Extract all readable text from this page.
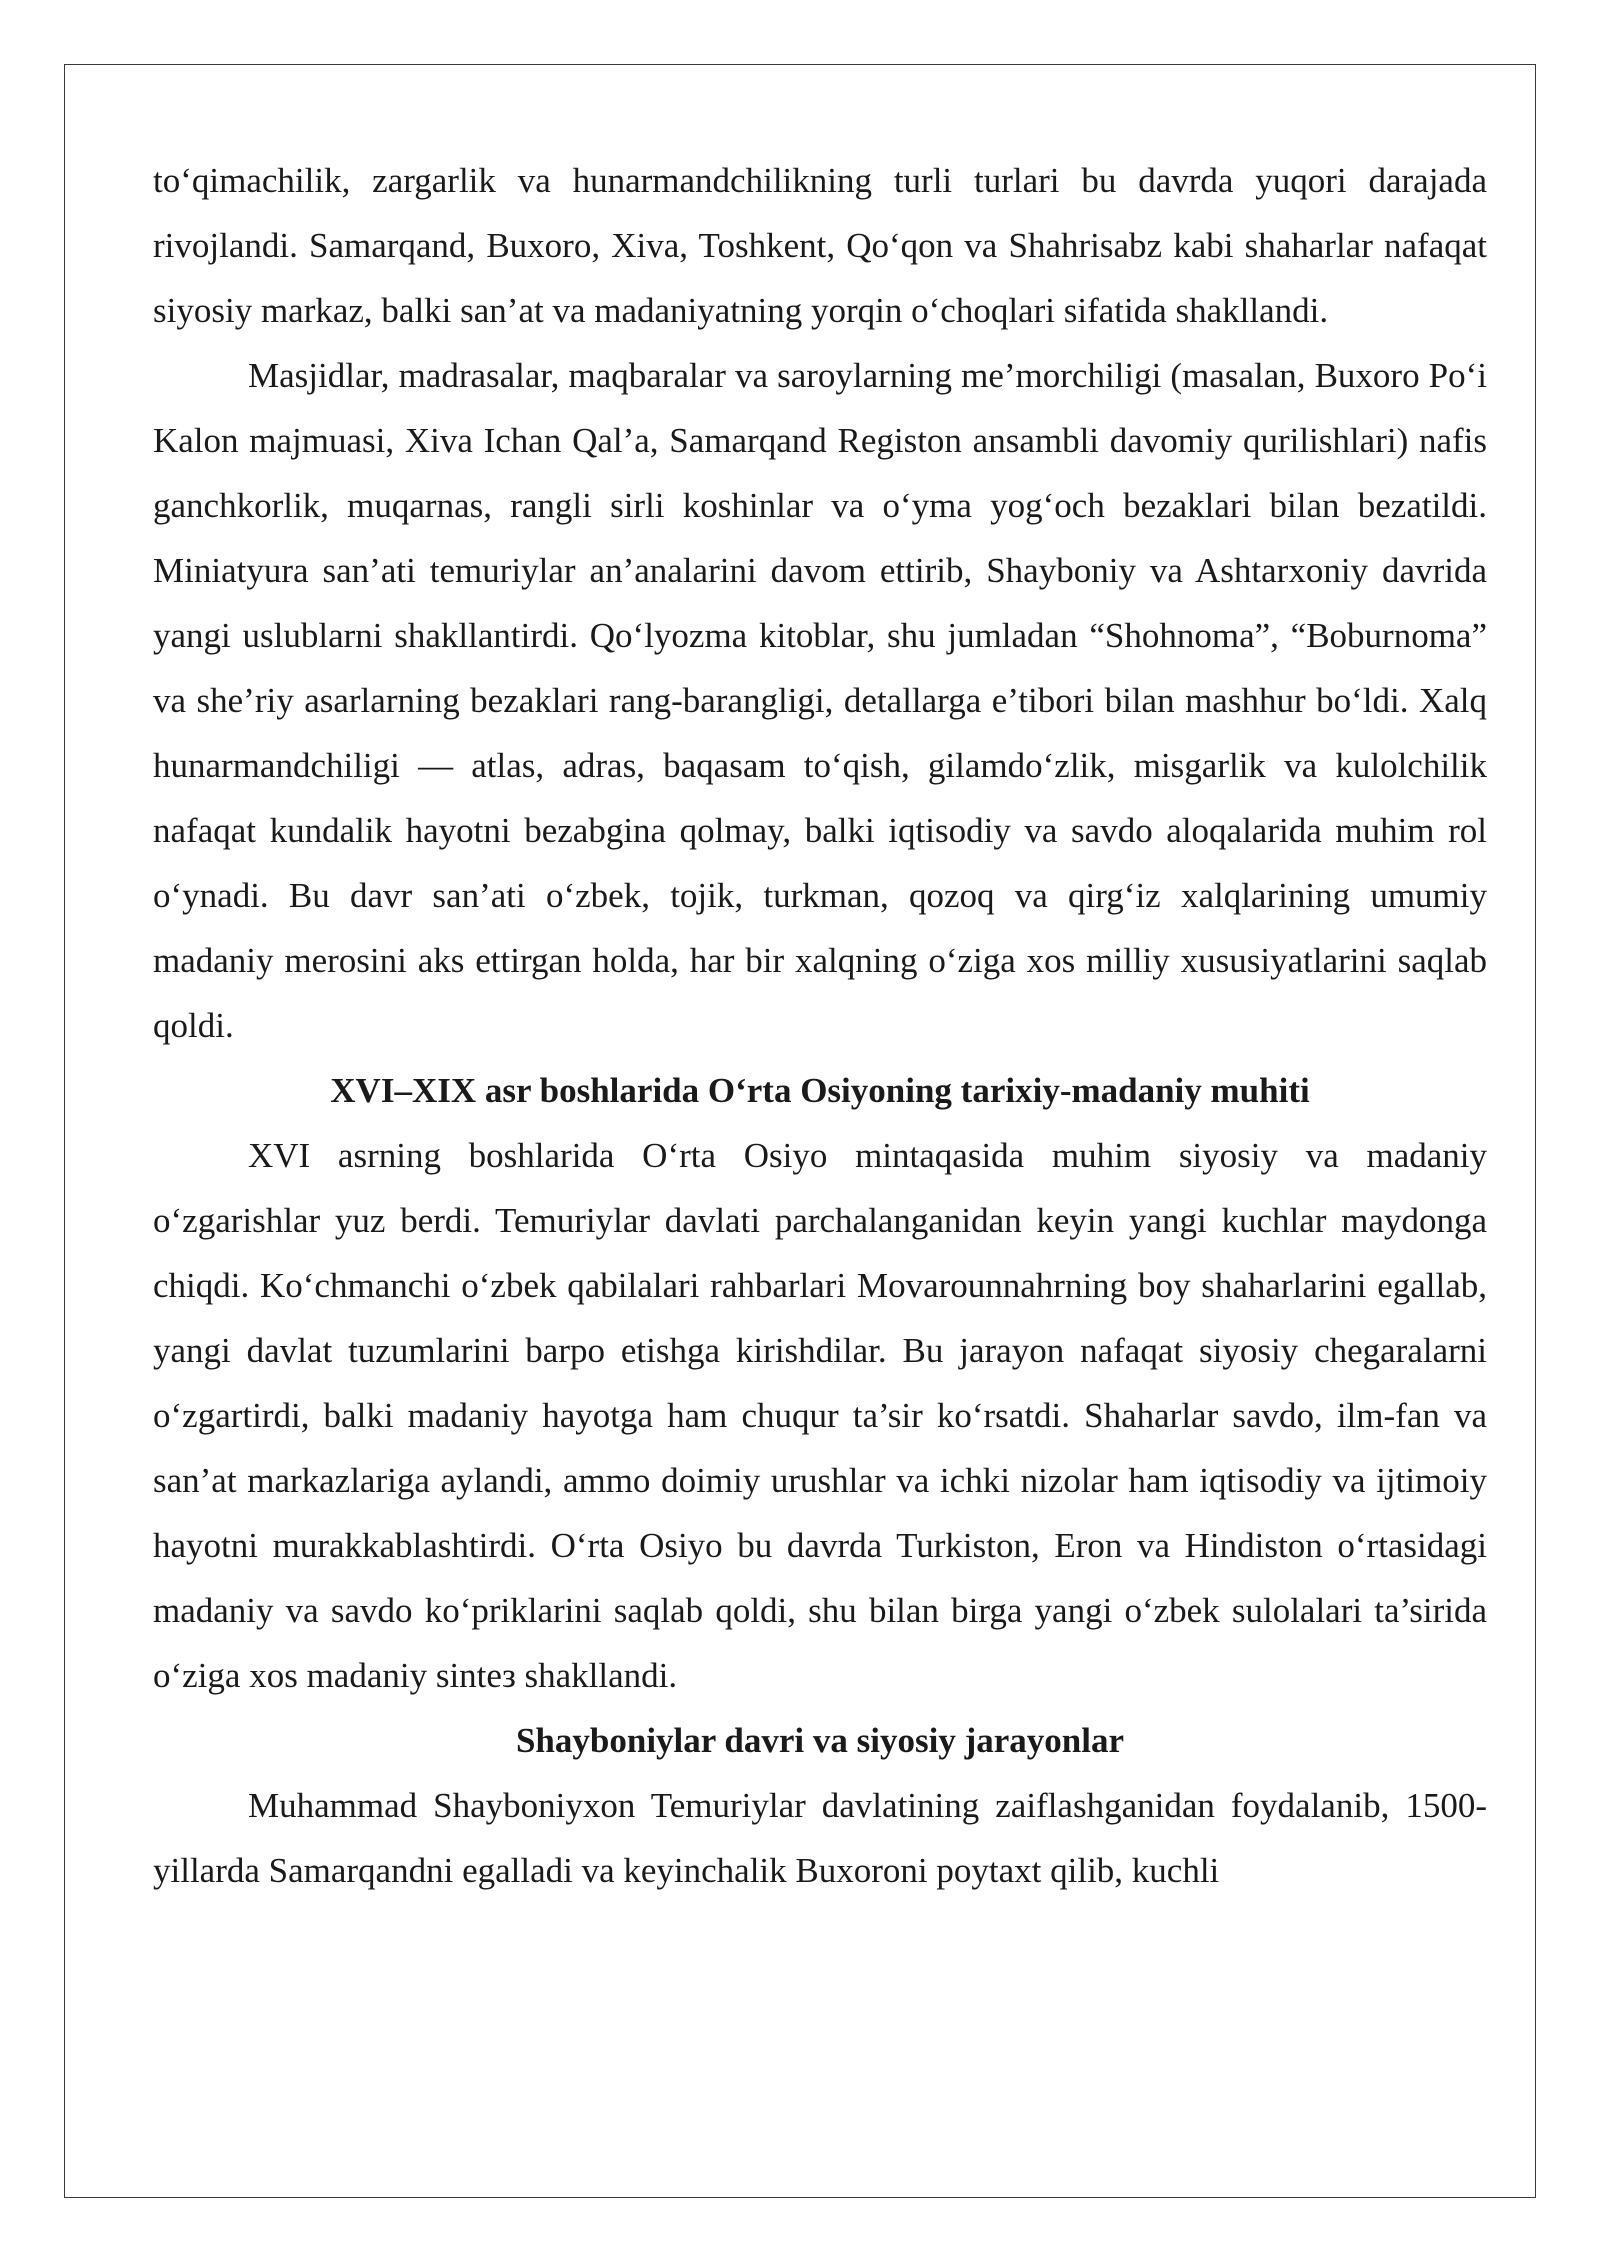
to‘qimachilik, zargarlik va hunarmandchilikning turli turlari bu davrda yuqori darajada rivojlandi. Samarqand, Buxoro, Xiva, Toshkent, Qo‘qon va Shahrisabz kabi shaharlar nafaqat siyosiy markaz, balki san’at va madaniyatning yorqin o‘choqlari sifatida shakllandi.

Masjidlar, madrasalar, maqbaralar va saroylarning me’morchiligi (masalan, Buxoro Po‘i Kalon majmuasi, Xiva Ichan Qal’a, Samarqand Registon ansambli davomiy qurilishlari) nafis ganchkorlik, muqarnas, rangli sirli koshinlar va o‘yma yog‘och bezaklari bilan bezatildi. Miniatyura san’ati temuriylar an’analarini davom ettirib, Shayboniy va Ashtarxoniy davrida yangi uslublarni shakllantirdi. Qo‘lyozma kitoblar, shu jumladan “Shohnoma”, “Boburnoma” va she’riy asarlarning bezaklari rang-barangligi, detallarga e’tibori bilan mashhur bo‘ldi. Xalq hunarmandchiligi — atlas, adras, baqasam to‘qish, gilamdo‘zlik, misgarlik va kulolchilik nafaqat kundalik hayotni bezabgina qolmay, balki iqtisodiy va savdo aloqalarida muhim rol o‘ynadi. Bu davr san’ati o‘zbek, tojik, turkman, qozoq va qirg‘iz xalqlarining umumiy madaniy merosini aks ettirgan holda, har bir xalqning o‘ziga xos milliy xususiyatlarini saqlab qoldi.

XVI–XIX asr boshlarida O‘rta Osiyoning tarixiy-madaniy muhiti

XVI asrning boshlarida O‘rta Osiyo mintaqasida muhim siyosiy va madaniy o‘zgarishlar yuz berdi. Temuriylar davlati parchalanganidan keyin yangi kuchlar maydonga chiqdi. Ko‘chmanchi o‘zbek qabilalari rahbarlari Movarounnahrning boy shaharlarini egallab, yangi davlat tuzumlarini barpo etishga kirishdilar. Bu jarayon nafaqat siyosiy chegaralarni o‘zgartirdi, balki madaniy hayotga ham chuqur ta’sir ko‘rsatdi. Shaharlar savdo, ilm-fan va san’at markazlariga aylandi, ammo doimiy urushlar va ichki nizolar ham iqtisodiy va ijtimoiy hayotni murakkablashtirdi. O‘rta Osiyo bu davrda Turkiston, Eron va Hindiston o‘rtasidagi madaniy va savdo ko‘priklarini saqlab qoldi, shu bilan birga yangi o‘zbek sulolalari ta’sirida o‘ziga xos madaniy sinteз shakllandi.

Shayboniylar davri va siyosiy jarayonlar

Muhammad Shayboniyxon Temuriylar davlatining zaiflashganidan foydalanib, 1500-yillarda Samarqandni egalladi va keyinchalik Buxoroni poytaxt qilib, kuchli
